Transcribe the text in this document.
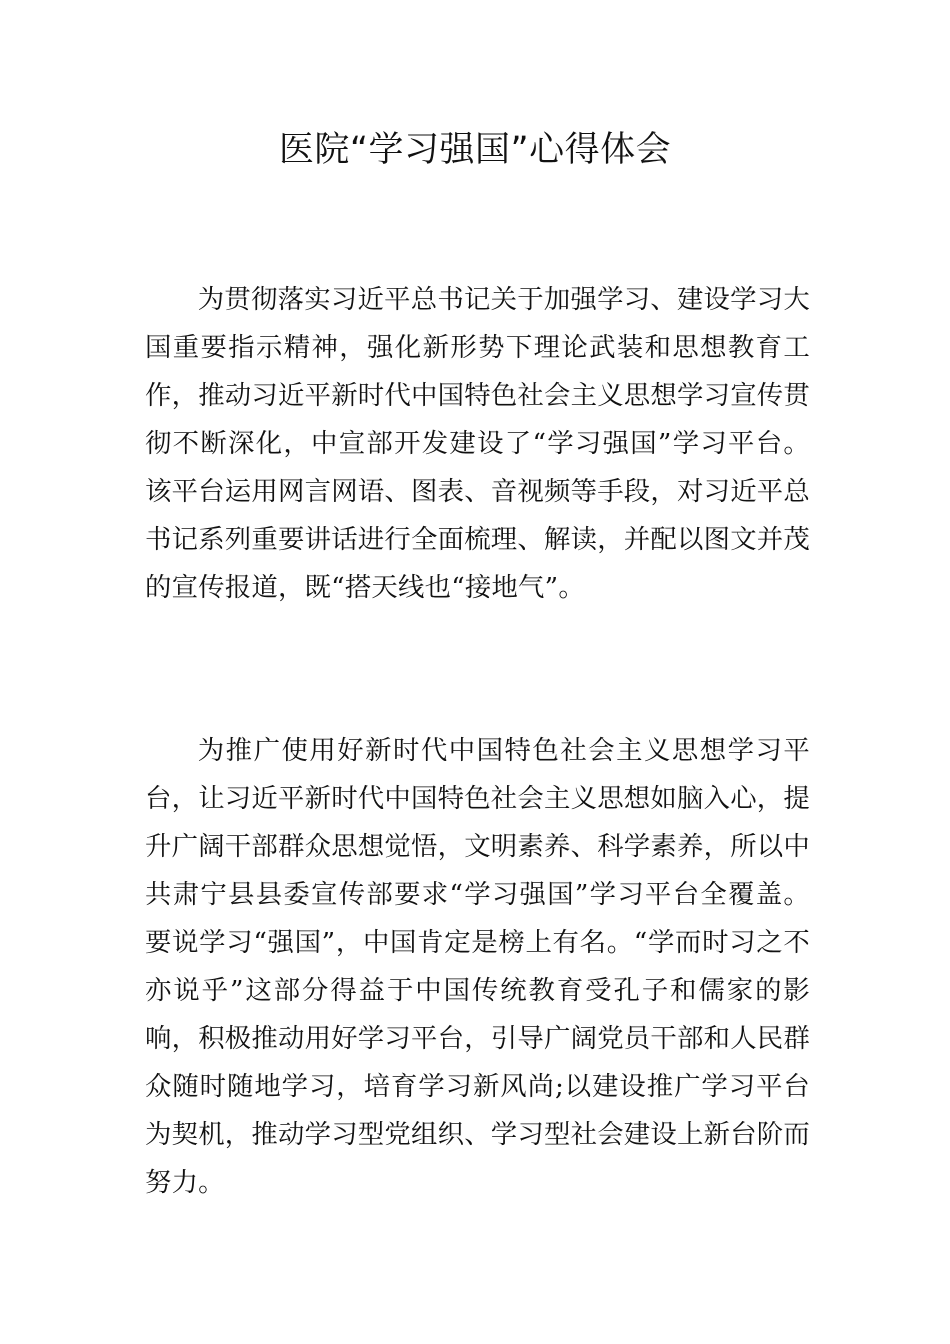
医院“学习强国”心得体会

为贯彻落实习近平总书记关于加强学习、建设学习大国重要指示精神，强化新形势下理论武装和思想教育工作，推动习近平新时代中国特色社会主义思想学习宣传贯彻不断深化，中宣部开发建设了“学习强国”学习平台。该平台运用网言网语、图表、音视频等手段，对习近平总书记系列重要讲话进行全面梳理、解读，并配以图文并茂的宣传报道，既“搭天线也“接地气”。

为推广使用好新时代中国特色社会主义思想学习平台，让习近平新时代中国特色社会主义思想如脑入心，提升广阔干部群众思想觉悟，文明素养、科学素养，所以中共肃宁县县委宣传部要求“学习强国”学习平台全覆盖。要说学习“强国”，中国肯定是榜上有名。“学而时习之不亦说乎”这部分得益于中国传统教育受孔子和儒家的影响，积极推动用好学习平台，引导广阔党员干部和人民群众随时随地学习，培育学习新风尚;以建设推广学习平台为契机，推动学习型党组织、学习型社会建设上新台阶而努力。
